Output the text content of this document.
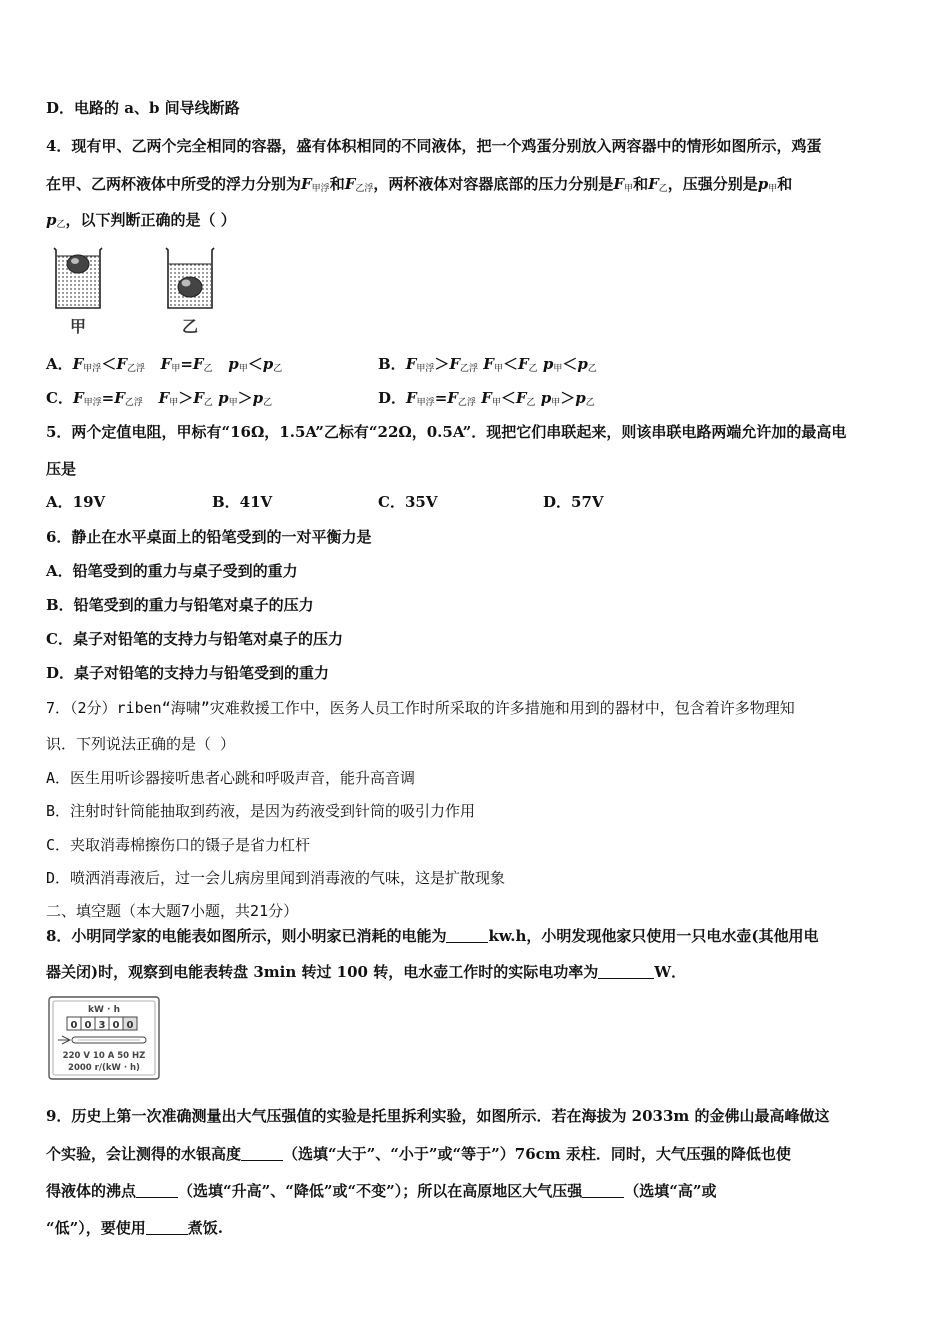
D．电路的 a、b 间导线断路
4．现有甲、乙两个完全相同的容器，盛有体积相同的不同液体，把一个鸡蛋分别放入两容器中的情形如图所示，鸡蛋
在甲、乙两杯液体中所受的浮力分别为$F_{甲浮}$和$F_{乙浮}$，两杯液体对容器底部的压力分别是$F_甲$和$F_乙$，压强分别是$p_甲$和
$p_乙$，以下判断正确的是（ ）
甲	乙
A．$F_{甲浮}<F_{乙浮}$ $F_甲=F_乙$ $p_甲<p_乙$	B．$F_{甲浮}>F_{乙浮}$ $F_甲<F_乙$ $p_甲<p_乙$
C．$F_{甲浮}=F_{乙浮}$ $F_甲>F_乙$ $p_甲>p_乙$	D．$F_{甲浮}=F_{乙浮}$ $F_甲<F_乙$ $p_甲>p_乙$
5．两个定值电阻，甲标有“16Ω，1.5A”乙标有“22Ω，0.5A”．现把它们串联起来，则该串联电路两端允许加的最高电
压是
A．19V	B．41V	C．35V	D．57V
6．静止在水平桌面上的铅笔受到的一对平衡力是
A．铅笔受到的重力与桌子受到的重力
B．铅笔受到的重力与铅笔对桌子的压力
C．桌子对铅笔的支持力与铅笔对桌子的压力
D．桌子对铅笔的支持力与铅笔受到的重力
7．（2分）riben“海啸”灾难救援工作中，医务人员工作时所采取的许多措施和用到的器材中，包含着许多物理知
识．下列说法正确的是（ ）
A．医生用听诊器接听患者心跳和呼吸声音，能升高音调
B．注射时针筒能抽取到药液，是因为药液受到针筒的吸引力作用
C．夹取消毒棉擦伤口的镊子是省力杠杆
D．喷洒消毒液后，过一会儿病房里闻到消毒液的气味，这是扩散现象
二、填空题（本大题7小题，共21分）
8．小明同学家的电能表如图所示，则小明家已消耗的电能为	kw.h，小明发现他家只使用一只电水壶(其他用电
器关闭)时，观察到电能表转盘 3min 转过 100 转，电水壶工作时的实际电功率为	W．
kW · h
0 0 3 0 0
220 V 10 A 50 HZ
2000 r/(kW · h)
9．历史上第一次准确测量出大气压强值的实验是托里拆利实验，如图所示．若在海拔为 2033m 的金佛山最高峰做这
个实验，会让测得的水银高度	（选填“大于”、“小于”或“等于”）76cm 汞柱．同时，大气压强的降低也使
得液体的沸点	（选填“升高”、“降低”或“不变”）；所以在高原地区大气压强	（选填“高”或
“低”），要使用	煮饭.
